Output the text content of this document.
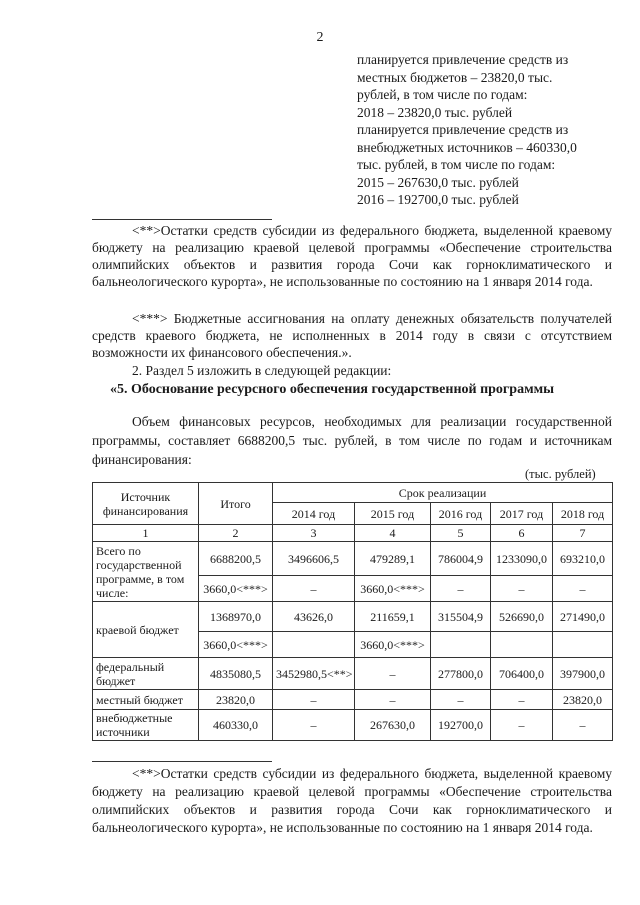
2
планируется привлечение средств из
местных бюджетов – 23820,0 тыс.
рублей, в том числе по годам:
2018 – 23820,0 тыс. рублей
планируется привлечение средств из
внебюджетных источников – 460330,0
тыс. рублей, в том числе по годам:
2015 – 267630,0 тыс. рублей
2016 – 192700,0 тыс. рублей
<**>Остатки средств субсидии из федерального бюджета, выделенной краевому бюджету на реализацию краевой целевой программы «Обеспечение строительства олимпийских объектов и развития города Сочи как горноклиматического и бальнеологического курорта», не использованные по состоянию на 1 января 2014 года.
<***> Бюджетные ассигнования на оплату денежных обязательств получателей средств краевого бюджета, не исполненных в 2014 году в связи с отсутствием возможности их финансового обеспечения.».
2. Раздел 5 изложить в следующей редакции:
«5. Обоснование ресурсного обеспечения государственной программы
Объем финансовых ресурсов, необходимых для реализации государственной программы, составляет 6688200,5 тыс. рублей, в том числе по годам и источникам финансирования:
(тыс. рублей)
Источник финансирования	Итого	Срок реализации				
		2014 год	2015 год	2016 год	2017 год	2018 год
1	2	3	4	5	6	7
Всего по государственной программе, в том числе:	6688200,5	3496606,5	479289,1	786004,9	1233090,0	693210,0
	3660,0<***>	–	3660,0<***>	–	–	–
краевой бюджет	1368970,0	43626,0	211659,1	315504,9	526690,0	271490,0
	3660,0<***>		3660,0<***>			
федеральный бюджет	4835080,5	3452980,5<**>	–	277800,0	706400,0	397900,0
местный бюджет	23820,0	–	–	–	–	23820,0
внебюджетные источники	460330,0	–	267630,0	192700,0	–	–
<**>Остатки средств субсидии из федерального бюджета, выделенной краевому бюджету на реализацию краевой целевой программы «Обеспечение строительства олимпийских объектов и развития города Сочи как горноклиматического и бальнеологического курорта», не использованные по состоянию на 1 января 2014 года.
